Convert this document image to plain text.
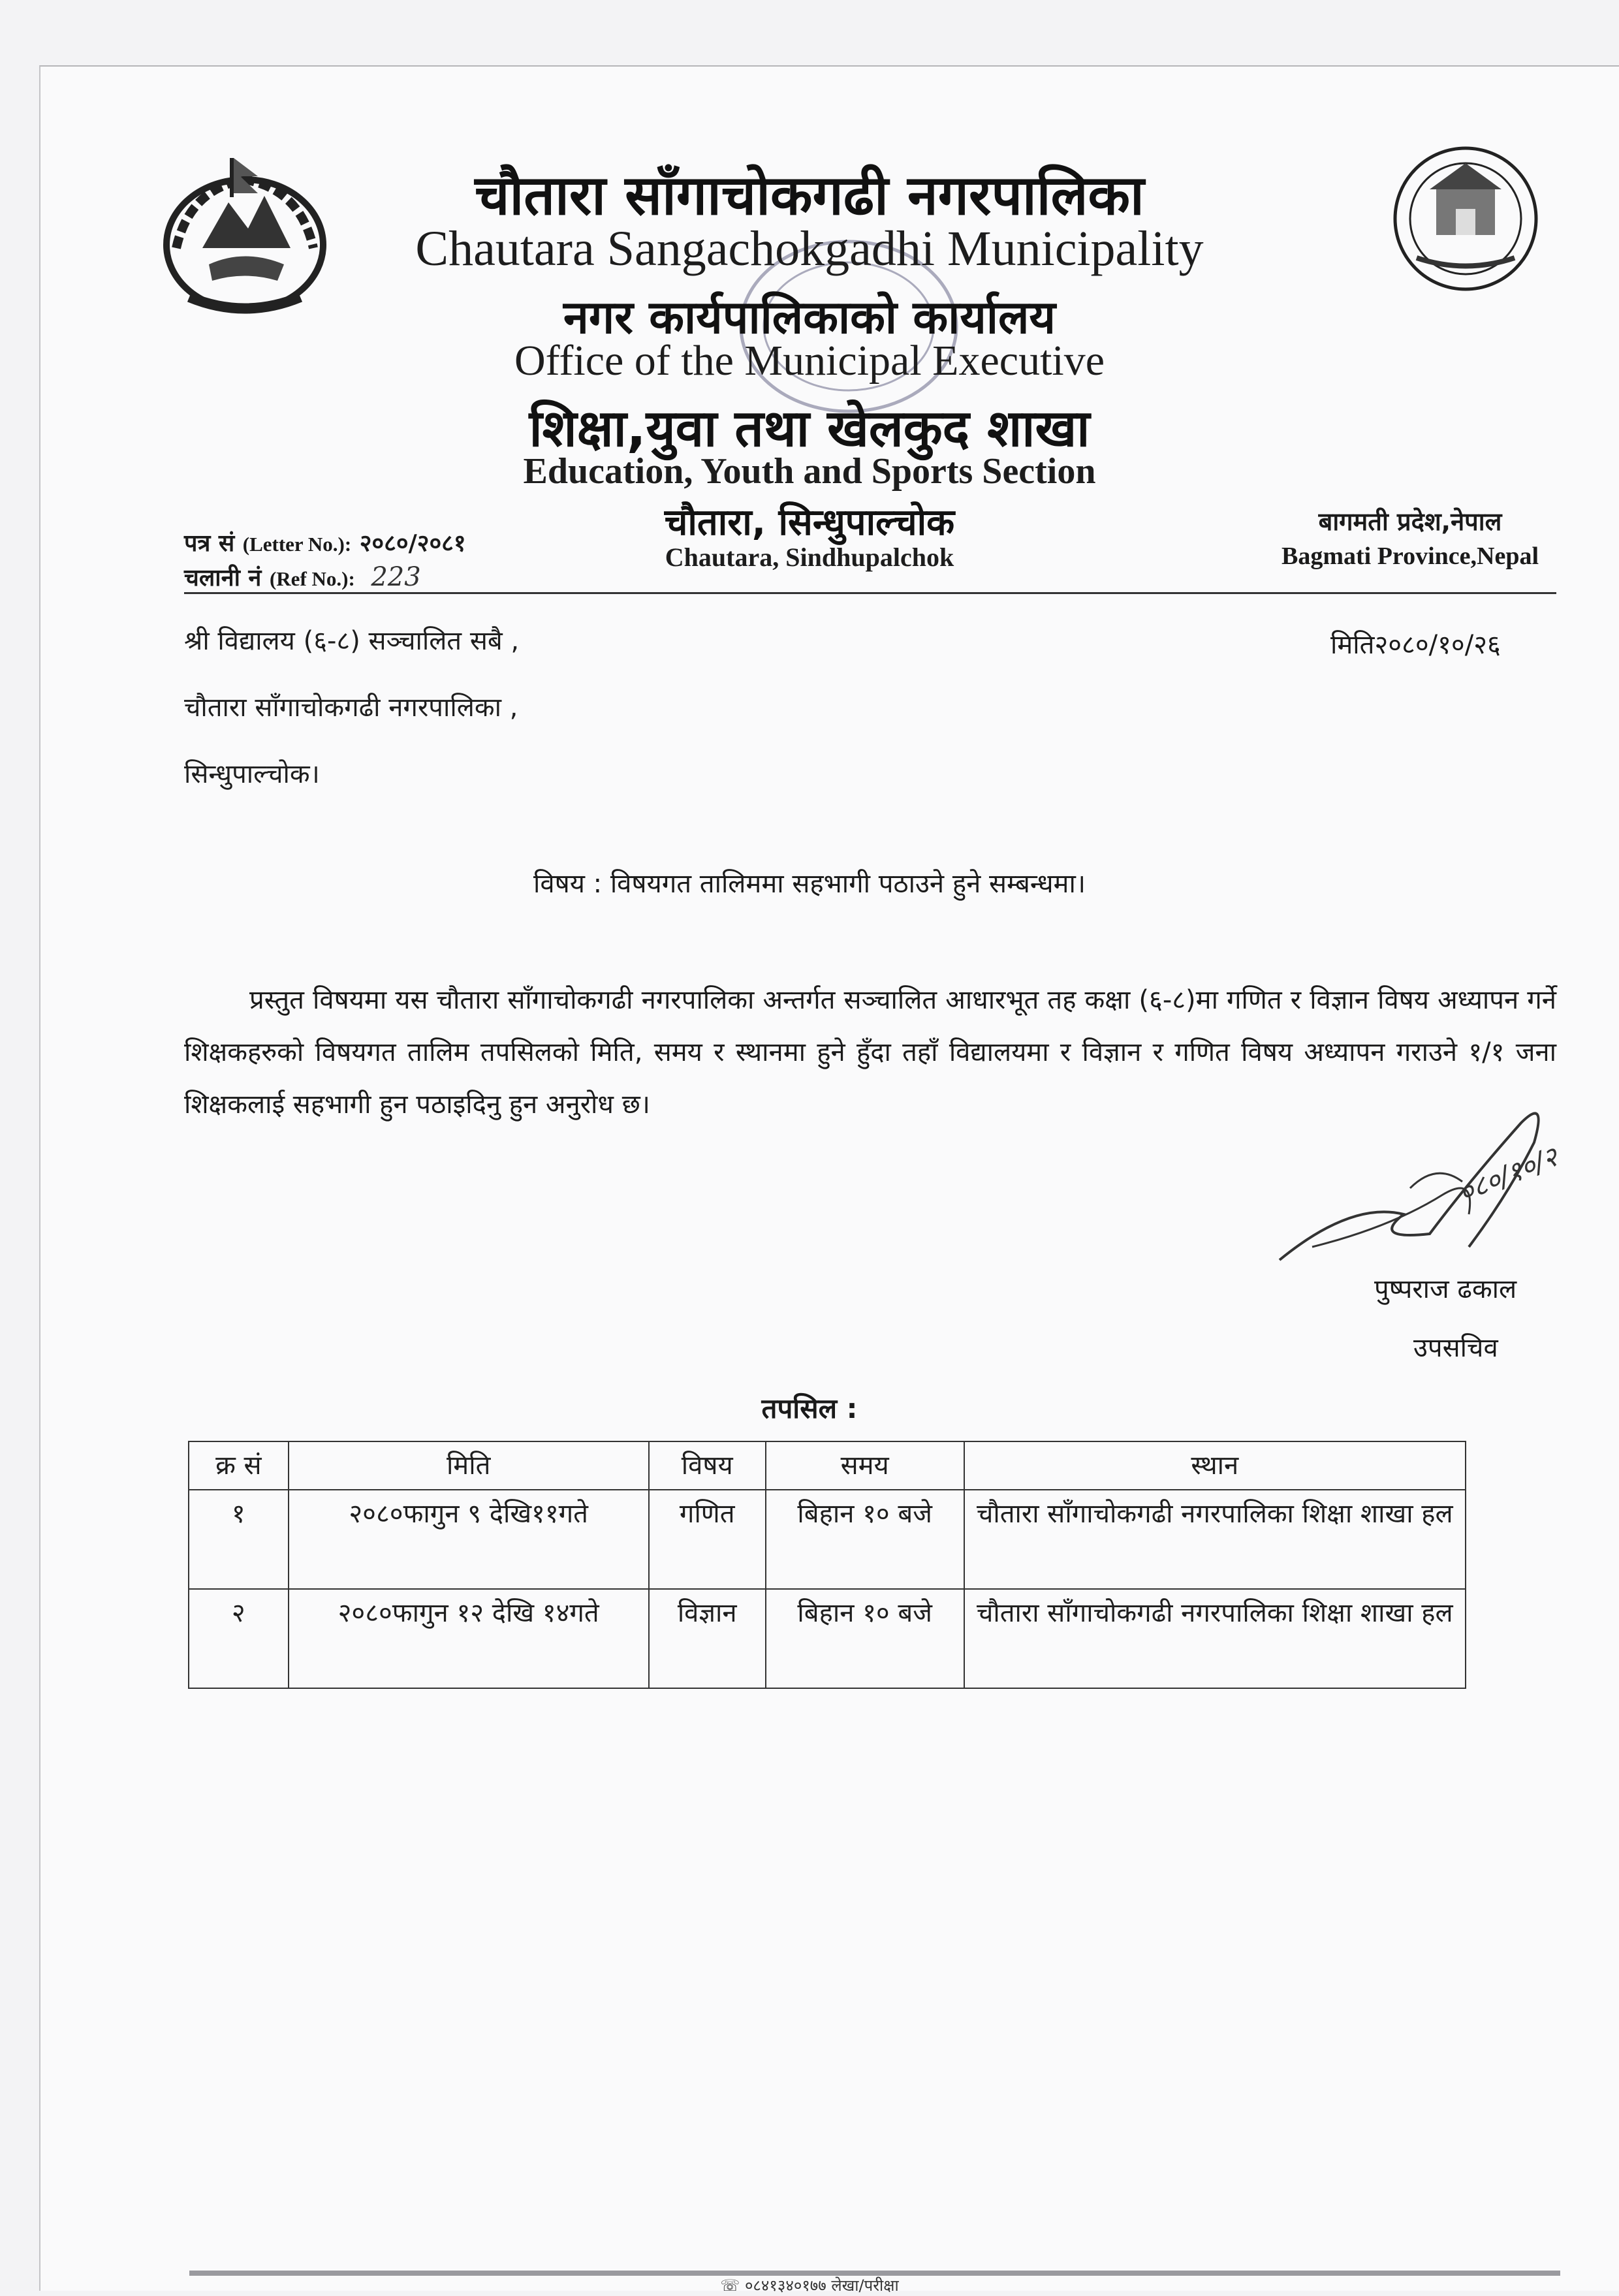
चौतारा साँगाचोकगढी नगरपालिका
Chautara Sangachokgadhi Municipality
नगर कार्यपालिकाको कार्यालय
Office of the Municipal Executive
शिक्षा,युवा तथा खेलकुद शाखा
Education, Youth and Sports Section
चौतारा, सिन्धुपाल्चोक
Chautara, Sindhupalchok
पत्र सं (Letter No.): २०८०/२०८१
चलानी नं (Ref No.): 223
बागमती प्रदेश,नेपाल
Bagmati Province,Nepal
श्री विद्यालय (६-८) सञ्चालित सबै ,
चौतारा साँगाचोकगढी नगरपालिका ,
सिन्धुपाल्चोक।
मिति२०८०/१०/२६
विषय : विषयगत तालिममा सहभागी पठाउने हुने सम्बन्धमा।
प्रस्तुत विषयमा यस चौतारा साँगाचोकगढी नगरपालिका अन्तर्गत सञ्चालित आधारभूत तह कक्षा (६-८)मा गणित र विज्ञान विषय अध्यापन गर्ने शिक्षकहरुको विषयगत तालिम तपसिलको मिति, समय र स्थानमा हुने हुँदा तहाँ विद्यालयमा र विज्ञान र गणित विषय अध्यापन गराउने १/१ जना शिक्षकलाई सहभागी हुन पठाइदिनु हुन अनुरोध छ।
०८०/१०/२
पुष्पराज ढकाल
उपसचिव
तपसिल :
क्र सं	मिति	विषय	समय	स्थान
१	२०८०फागुन ९ देखि११गते	गणित	बिहान १० बजे	चौतारा साँगाचोकगढी नगरपालिका शिक्षा शाखा हल
२	२०८०फागुन १२ देखि १४गते	विज्ञान	बिहान १० बजे	चौतारा साँगाचोकगढी नगरपालिका शिक्षा शाखा हल
☏ ०८४१३४०१७७ लेखा/परीक्षा
